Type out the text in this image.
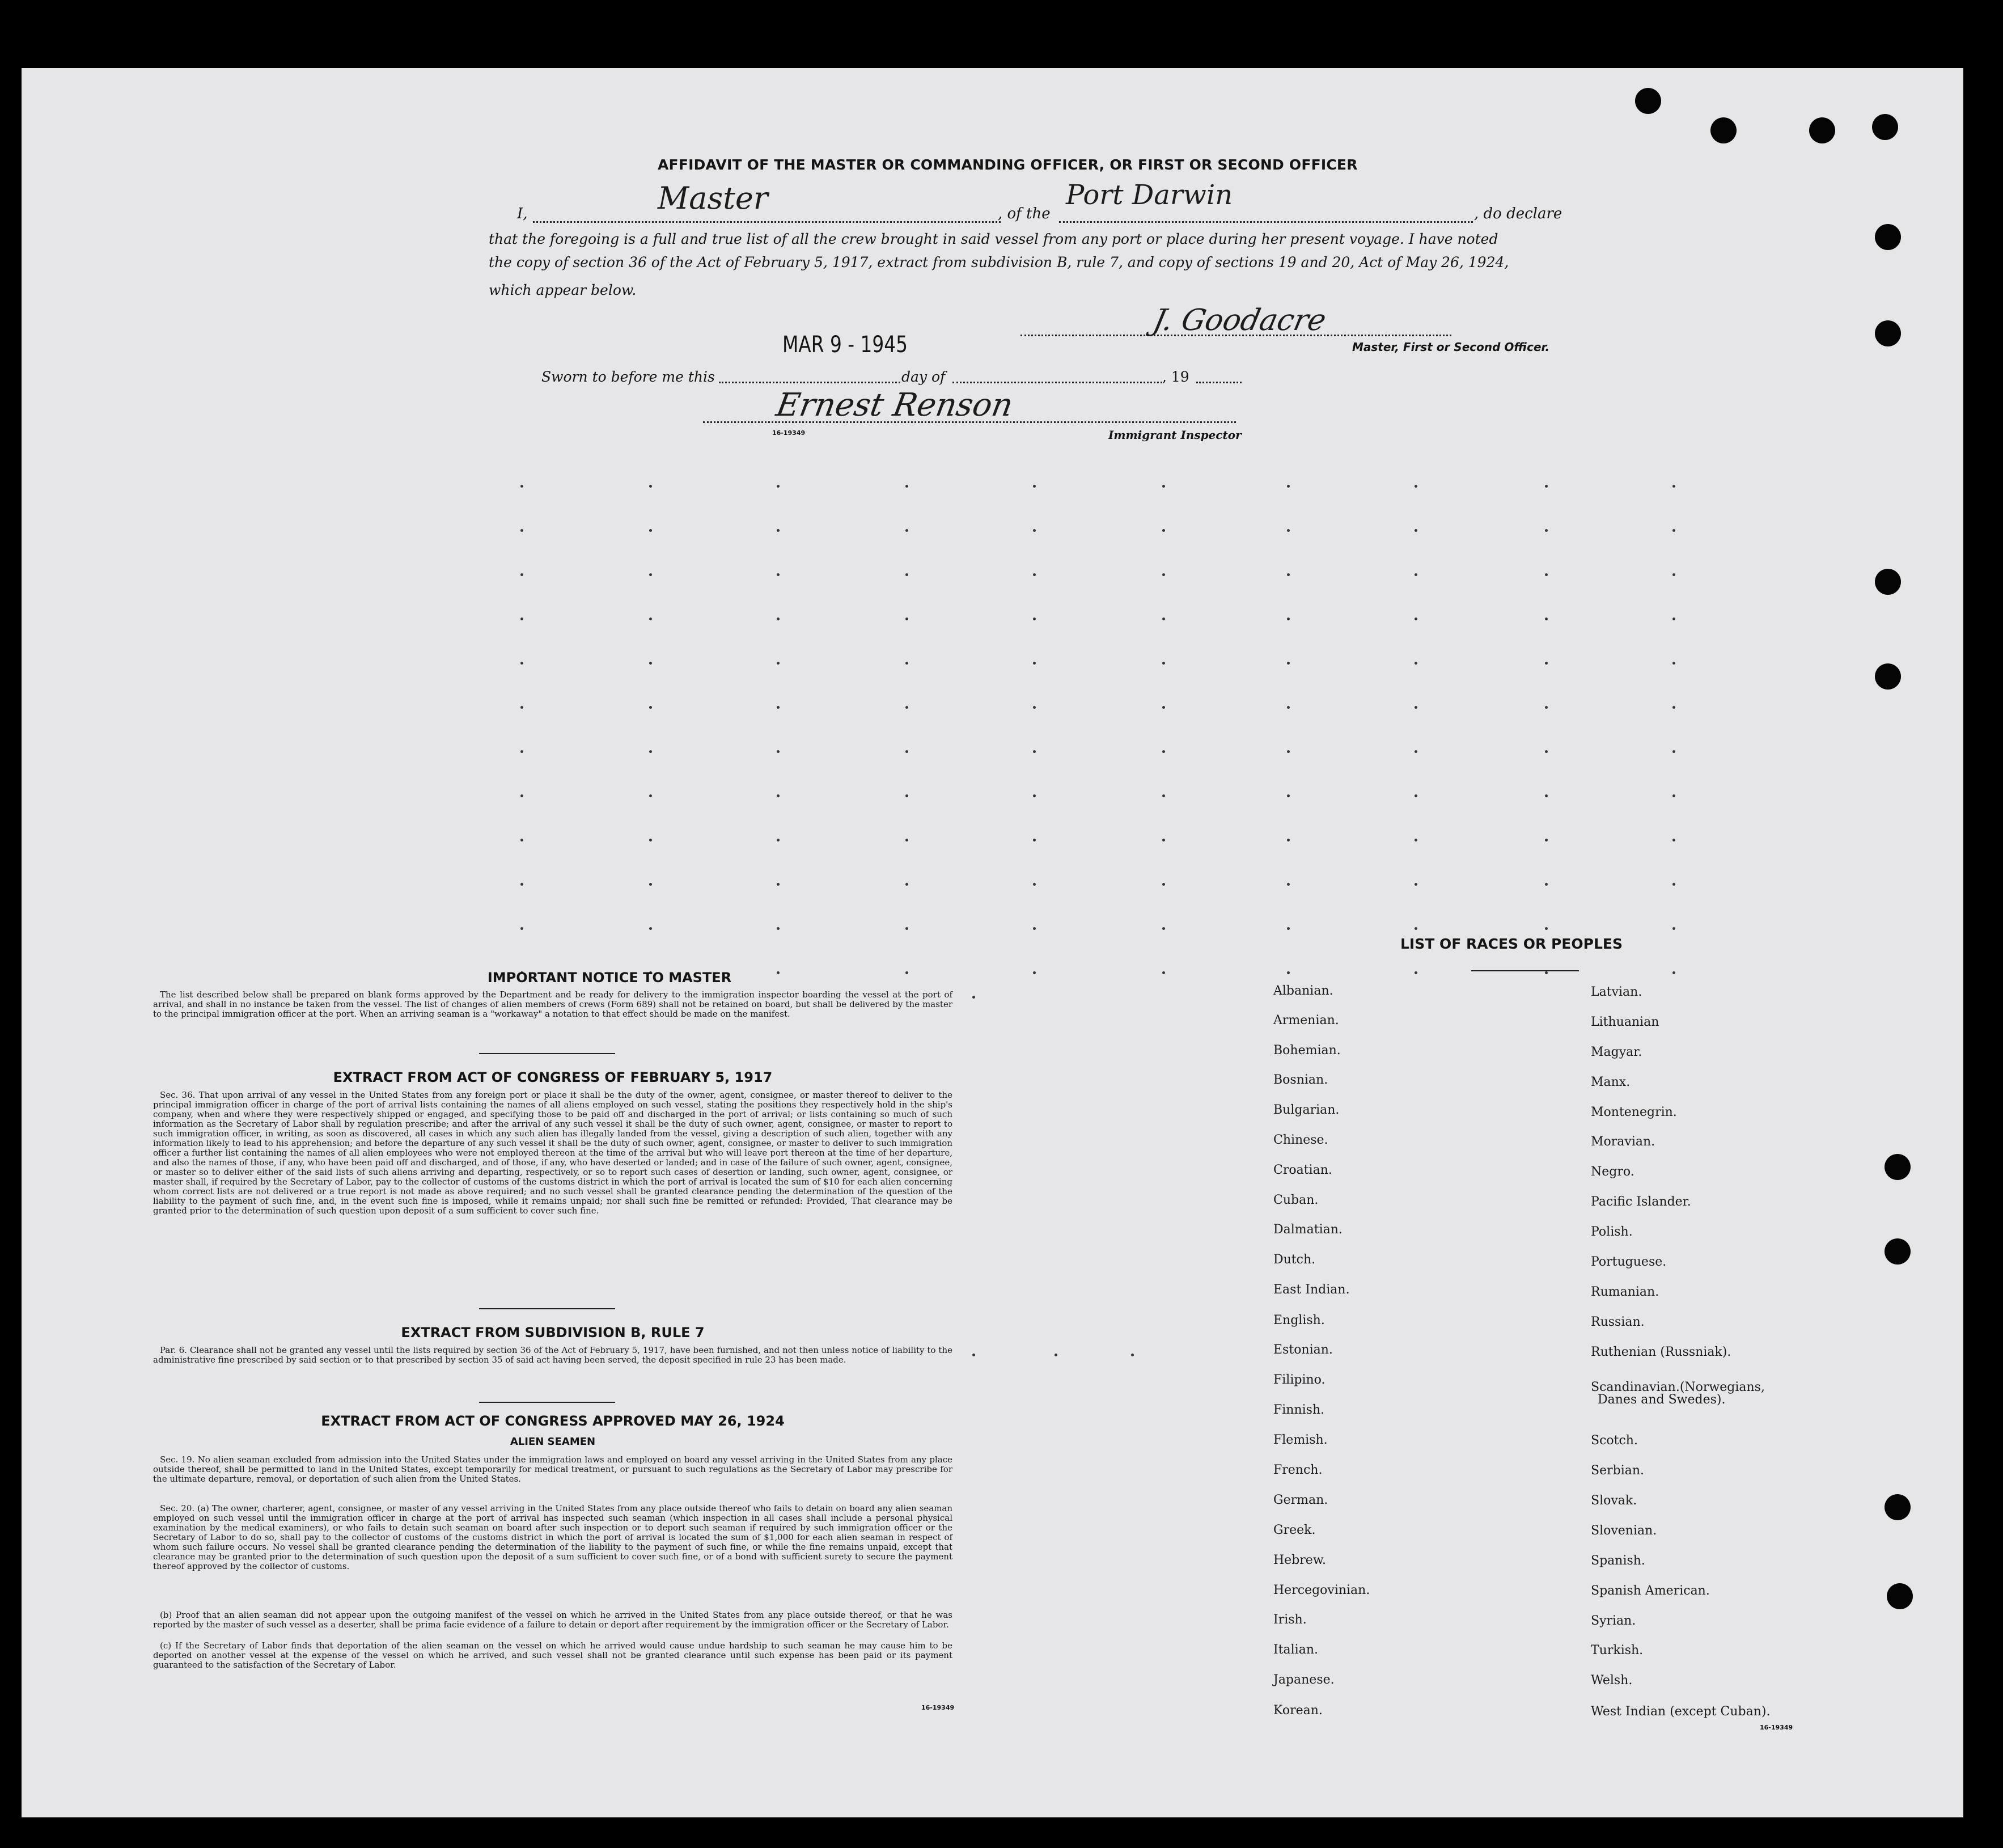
AFFIDAVIT OF THE MASTER OR COMMANDING OFFICER, OR FIRST OR SECOND OFFICER
I,	Master	, of the
Port Darwin
, do declare
that the foregoing is a full and true list of all the crew brought in said vessel from any port or place during her present voyage. I have noted
the copy of section 36 of the Act of February 5, 1917, extract from subdivision B, rule 7, and copy of sections 19 and 20, Act of May 26, 1924,
which appear below.
MAR 9 - 1945
J. Goodacre
Master, First or Second Officer.
Sworn to before me this	day of	, 19
Ernest Renson
16-19349	Immigrant Inspector
IMPORTANT NOTICE TO MASTER
The list described below shall be prepared on blank forms approved by the Department and be ready for delivery to the immigration inspector boarding the vessel at the port of arrival, and shall in no instance be taken from the vessel. The list of changes of alien members of crews (Form 689) shall not be retained on board, but shall be delivered by the master to the principal immigration officer at the port. When an arriving seaman is a "workaway" a notation to that effect should be made on the manifest.
EXTRACT FROM ACT OF CONGRESS OF FEBRUARY 5, 1917
Sec. 36. That upon arrival of any vessel in the United States from any foreign port or place it shall be the duty of the owner, agent, consignee, or master thereof to deliver to the principal immigration officer in charge of the port of arrival lists containing the names of all aliens employed on such vessel, stating the positions they respectively hold in the ship's company, when and where they were respectively shipped or engaged, and specifying those to be paid off and discharged in the port of arrival; or lists containing so much of such information as the Secretary of Labor shall by regulation prescribe; and after the arrival of any such vessel it shall be the duty of such owner, agent, consignee, or master to report to such immigration officer, in writing, as soon as discovered, all cases in which any such alien has illegally landed from the vessel, giving a description of such alien, together with any information likely to lead to his apprehension; and before the departure of any such vessel it shall be the duty of such owner, agent, consignee, or master to deliver to such immigration officer a further list containing the names of all alien employees who were not employed thereon at the time of the arrival but who will leave port thereon at the time of her departure, and also the names of those, if any, who have been paid off and discharged, and of those, if any, who have deserted or landed; and in case of the failure of such owner, agent, consignee, or master so to deliver either of the said lists of such aliens arriving and departing, respectively, or so to report such cases of desertion or landing, such owner, agent, consignee, or master shall, if required by the Secretary of Labor, pay to the collector of customs of the customs district in which the port of arrival is located the sum of $10 for each alien concerning whom correct lists are not delivered or a true report is not made as above required; and no such vessel shall be granted clearance pending the determination of the question of the liability to the payment of such fine, and, in the event such fine is imposed, while it remains unpaid; nor shall such fine be remitted or refunded: Provided, That clearance may be granted prior to the determination of such question upon deposit of a sum sufficient to cover such fine.
EXTRACT FROM SUBDIVISION B, RULE 7
Par. 6. Clearance shall not be granted any vessel until the lists required by section 36 of the Act of February 5, 1917, have been furnished, and not then unless notice of liability to the administrative fine prescribed by said section or to that prescribed by section 35 of said act having been served, the deposit specified in rule 23 has been made.
EXTRACT FROM ACT OF CONGRESS APPROVED MAY 26, 1924
ALIEN SEAMEN
Sec. 19. No alien seaman excluded from admission into the United States under the immigration laws and employed on board any vessel arriving in the United States from any place outside thereof, shall be permitted to land in the United States, except temporarily for medical treatment, or pursuant to such regulations as the Secretary of Labor may prescribe for the ultimate departure, removal, or deportation of such alien from the United States.
Sec. 20. (a) The owner, charterer, agent, consignee, or master of any vessel arriving in the United States from any place outside thereof who fails to detain on board any alien seaman employed on such vessel until the immigration officer in charge at the port of arrival has inspected such seaman (which inspection in all cases shall include a personal physical examination by the medical examiners), or who fails to detain such seaman on board after such inspection or to deport such seaman if required by such immigration officer or the Secretary of Labor to do so, shall pay to the collector of customs of the customs district in which the port of arrival is located the sum of $1,000 for each alien seaman in respect of whom such failure occurs. No vessel shall be granted clearance pending the determination of the liability to the payment of such fine, or while the fine remains unpaid, except that clearance may be granted prior to the determination of such question upon the deposit of a sum sufficient to cover such fine, or of a bond with sufficient surety to secure the payment thereof approved by the collector of customs.
(b) Proof that an alien seaman did not appear upon the outgoing manifest of the vessel on which he arrived in the United States from any place outside thereof, or that he was reported by the master of such vessel as a deserter, shall be prima facie evidence of a failure to detain or deport after requirement by the immigration officer or the Secretary of Labor.
(c) If the Secretary of Labor finds that deportation of the alien seaman on the vessel on which he arrived would cause undue hardship to such seaman he may cause him to be deported on another vessel at the expense of the vessel on which he arrived, and such vessel shall not be granted clearance until such expense has been paid or its payment guaranteed to the satisfaction of the Secretary of Labor.
16-19349
LIST OF RACES OR PEOPLES
Albanian.
Armenian.
Bohemian.
Bosnian.
Bulgarian.
Chinese.
Croatian.
Cuban.
Dalmatian.
Dutch.
East Indian.
English.
Estonian.
Filipino.
Finnish.
Flemish.
French.
German.
Greek.
Hebrew.
Hercegovinian.
Irish.
Italian.
Japanese.
Korean.
Latvian.
Lithuanian
Magyar.
Manx.
Montenegrin.
Moravian.
Negro.
Pacific Islander.
Polish.
Portuguese.
Rumanian.
Russian.
Ruthenian (Russniak).
Scandinavian.(Norwegians,
Scotch.
Serbian.
Slovak.
Slovenian.
Spanish.
Spanish American.
Syrian.
Turkish.
Welsh.
West Indian (except Cuban).
Danes and Swedes).
16-19349
